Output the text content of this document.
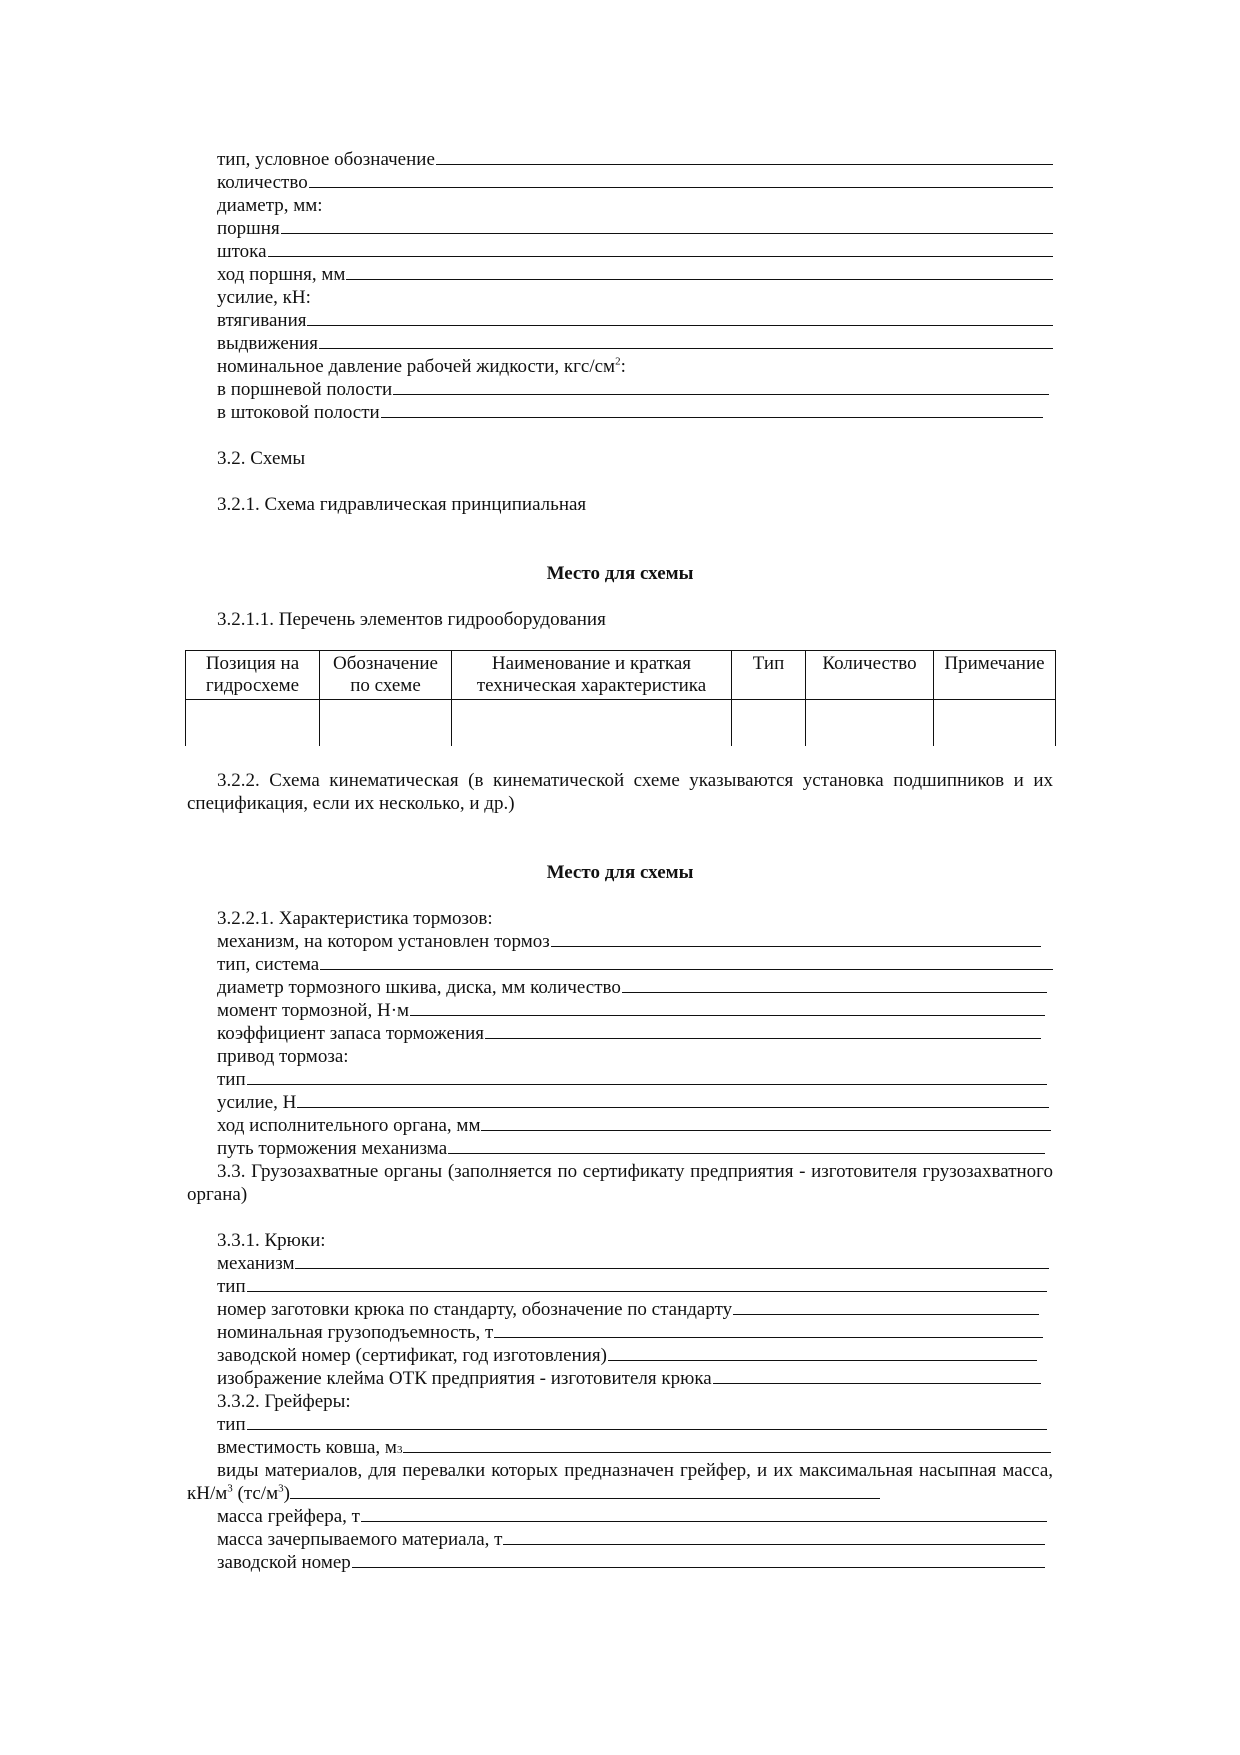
тип, условное обозначение
количество
диаметр, мм:
поршня
штока
ход поршня, мм
усилие, кН:
втягивания
выдвижения
номинальное давление рабочей жидкости, кгс/$см^2$:
в поршневой полости
в штоковой полости
3.2. Схемы
3.2.1. Схема гидравлическая принципиальная
Место для схемы
3.2.1.1. Перечень элементов гидрооборудования
Позиция на гидросхеме	Обозначение по схеме	Наименование и краткая техническая характеристика	Тип	Количество	Примечание

3.2.2. Схема кинематическая (в кинематической схеме указываются установка подшипников и их спецификация, если их несколько, и др.)
Место для схемы
3.2.2.1. Характеристика тормозов:
механизм, на котором установлен тормоз
тип, система
диаметр тормозного шкива, диска, мм количество
момент тормозной, Н·м
коэффициент запаса торможения
привод тормоза:
тип
усилие, Н
ход исполнительного органа, мм
путь торможения механизма
3.3. Грузозахватные органы (заполняется по сертификату предприятия - изготовителя грузозахватного органа)
3.3.1. Крюки:
механизм
тип
номер заготовки крюка по стандарту, обозначение по стандарту
номинальная грузоподъемность, т
заводской номер (сертификат, год изготовления)
изображение клейма ОТК предприятия - изготовителя крюка
3.3.2. Грейферы:
тип
вместимость ковша, м 3
виды материалов, для перевалки которых предназначен грейфер, и их максимальная насыпная масса, $кН/м^3$ $(тс/м^3)$
масса грейфера, т
масса зачерпываемого материала, т
заводской номер
